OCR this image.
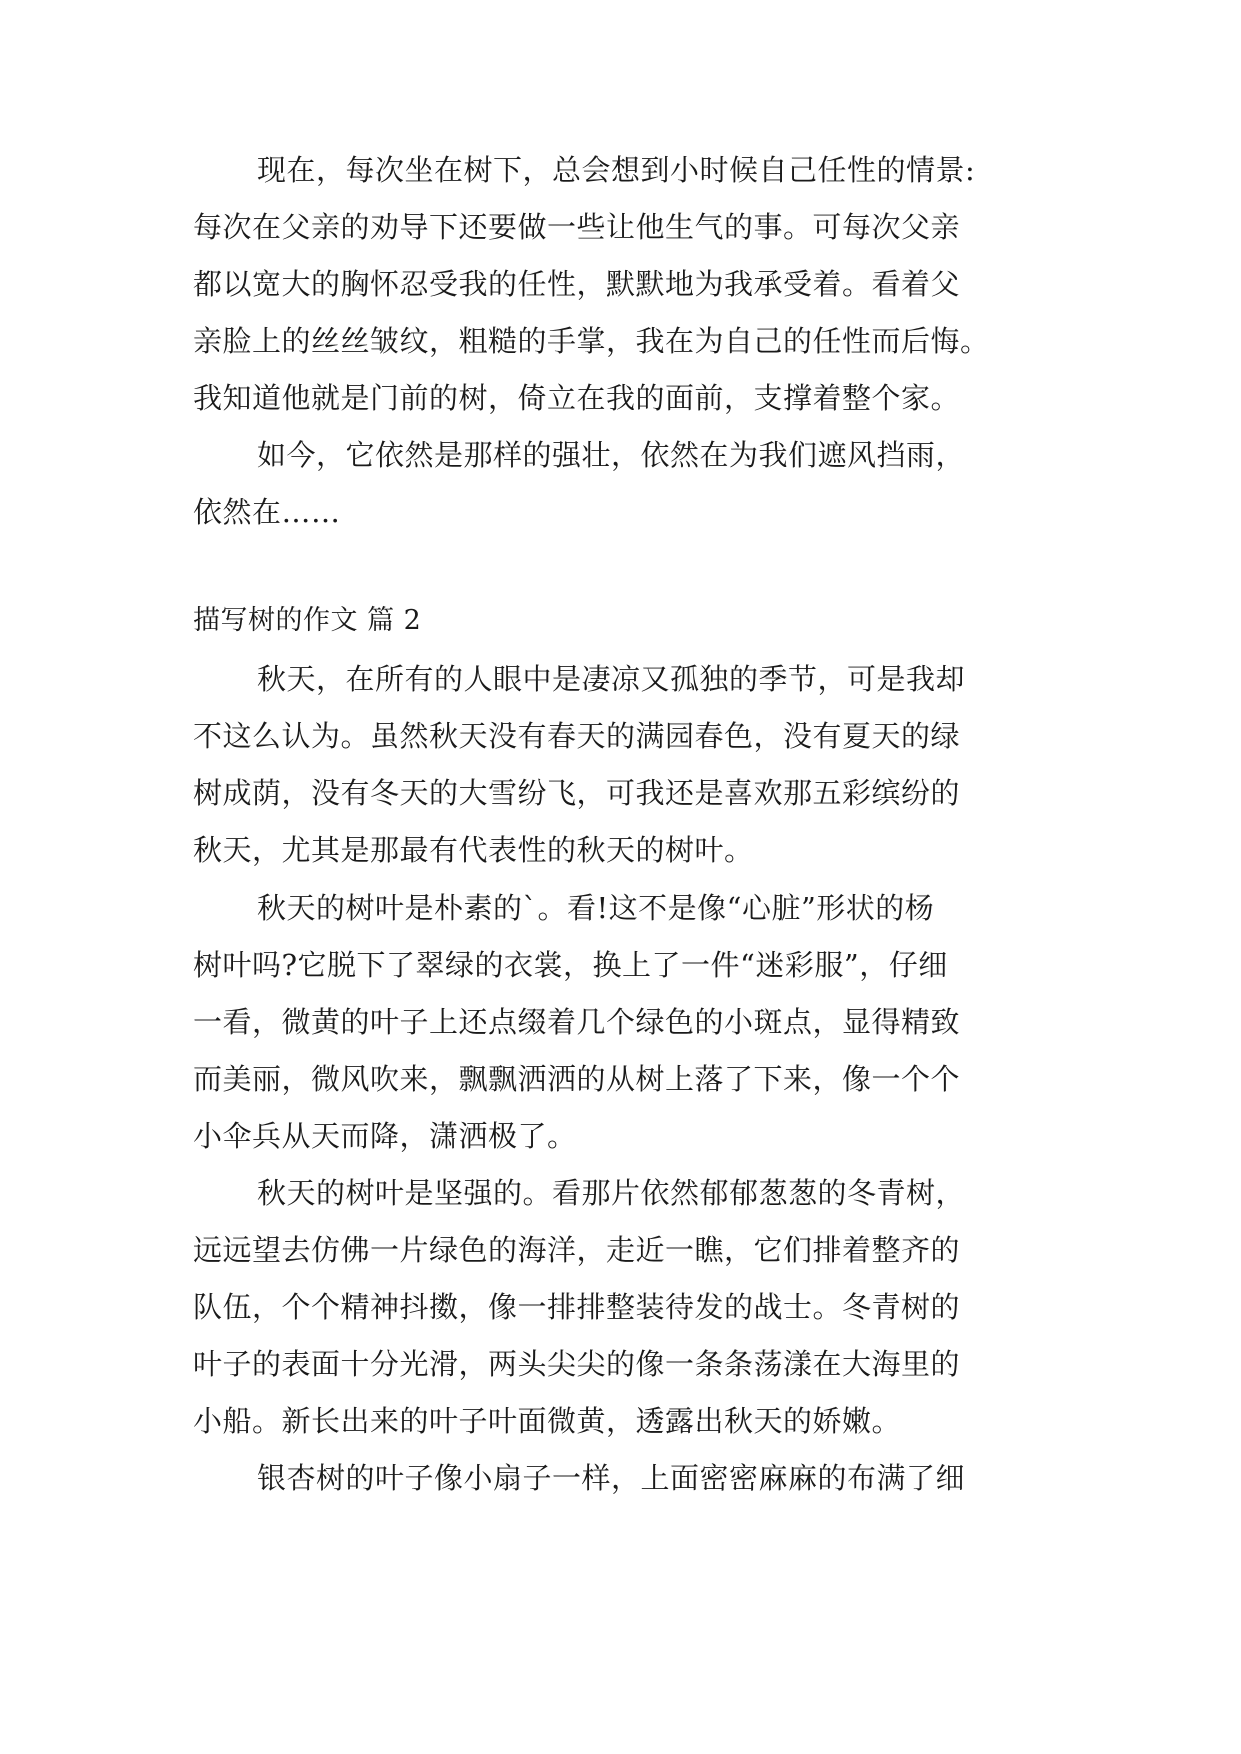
现在，每次坐在树下，总会想到小时候自己任性的情景:
每次在父亲的劝导下还要做一些让他生气的事。可每次父亲
都以宽大的胸怀忍受我的任性，默默地为我承受着。看着父
亲脸上的丝丝皱纹，粗糙的手掌，我在为自己的任性而后悔。
我知道他就是门前的树，倚立在我的面前，支撑着整个家。
如今，它依然是那样的强壮，依然在为我们遮风挡雨，
依然在……
描写树的作文 篇 2
秋天，在所有的人眼中是凄凉又孤独的季节，可是我却
不这么认为。虽然秋天没有春天的满园春色，没有夏天的绿
树成荫，没有冬天的大雪纷飞，可我还是喜欢那五彩缤纷的
秋天，尤其是那最有代表性的秋天的树叶。
秋天的树叶是朴素的`。看!这不是像“心脏”形状的杨
树叶吗?它脱下了翠绿的衣裳，换上了一件“迷彩服”，仔细
一看，微黄的叶子上还点缀着几个绿色的小斑点，显得精致
而美丽，微风吹来，飘飘洒洒的从树上落了下来，像一个个
小伞兵从天而降，潇洒极了。
秋天的树叶是坚强的。看那片依然郁郁葱葱的冬青树，
远远望去仿佛一片绿色的海洋，走近一瞧，它们排着整齐的
队伍，个个精神抖擞，像一排排整装待发的战士。冬青树的
叶子的表面十分光滑，两头尖尖的像一条条荡漾在大海里的
小船。新长出来的叶子叶面微黄，透露出秋天的娇嫩。
银杏树的叶子像小扇子一样，上面密密麻麻的布满了细
